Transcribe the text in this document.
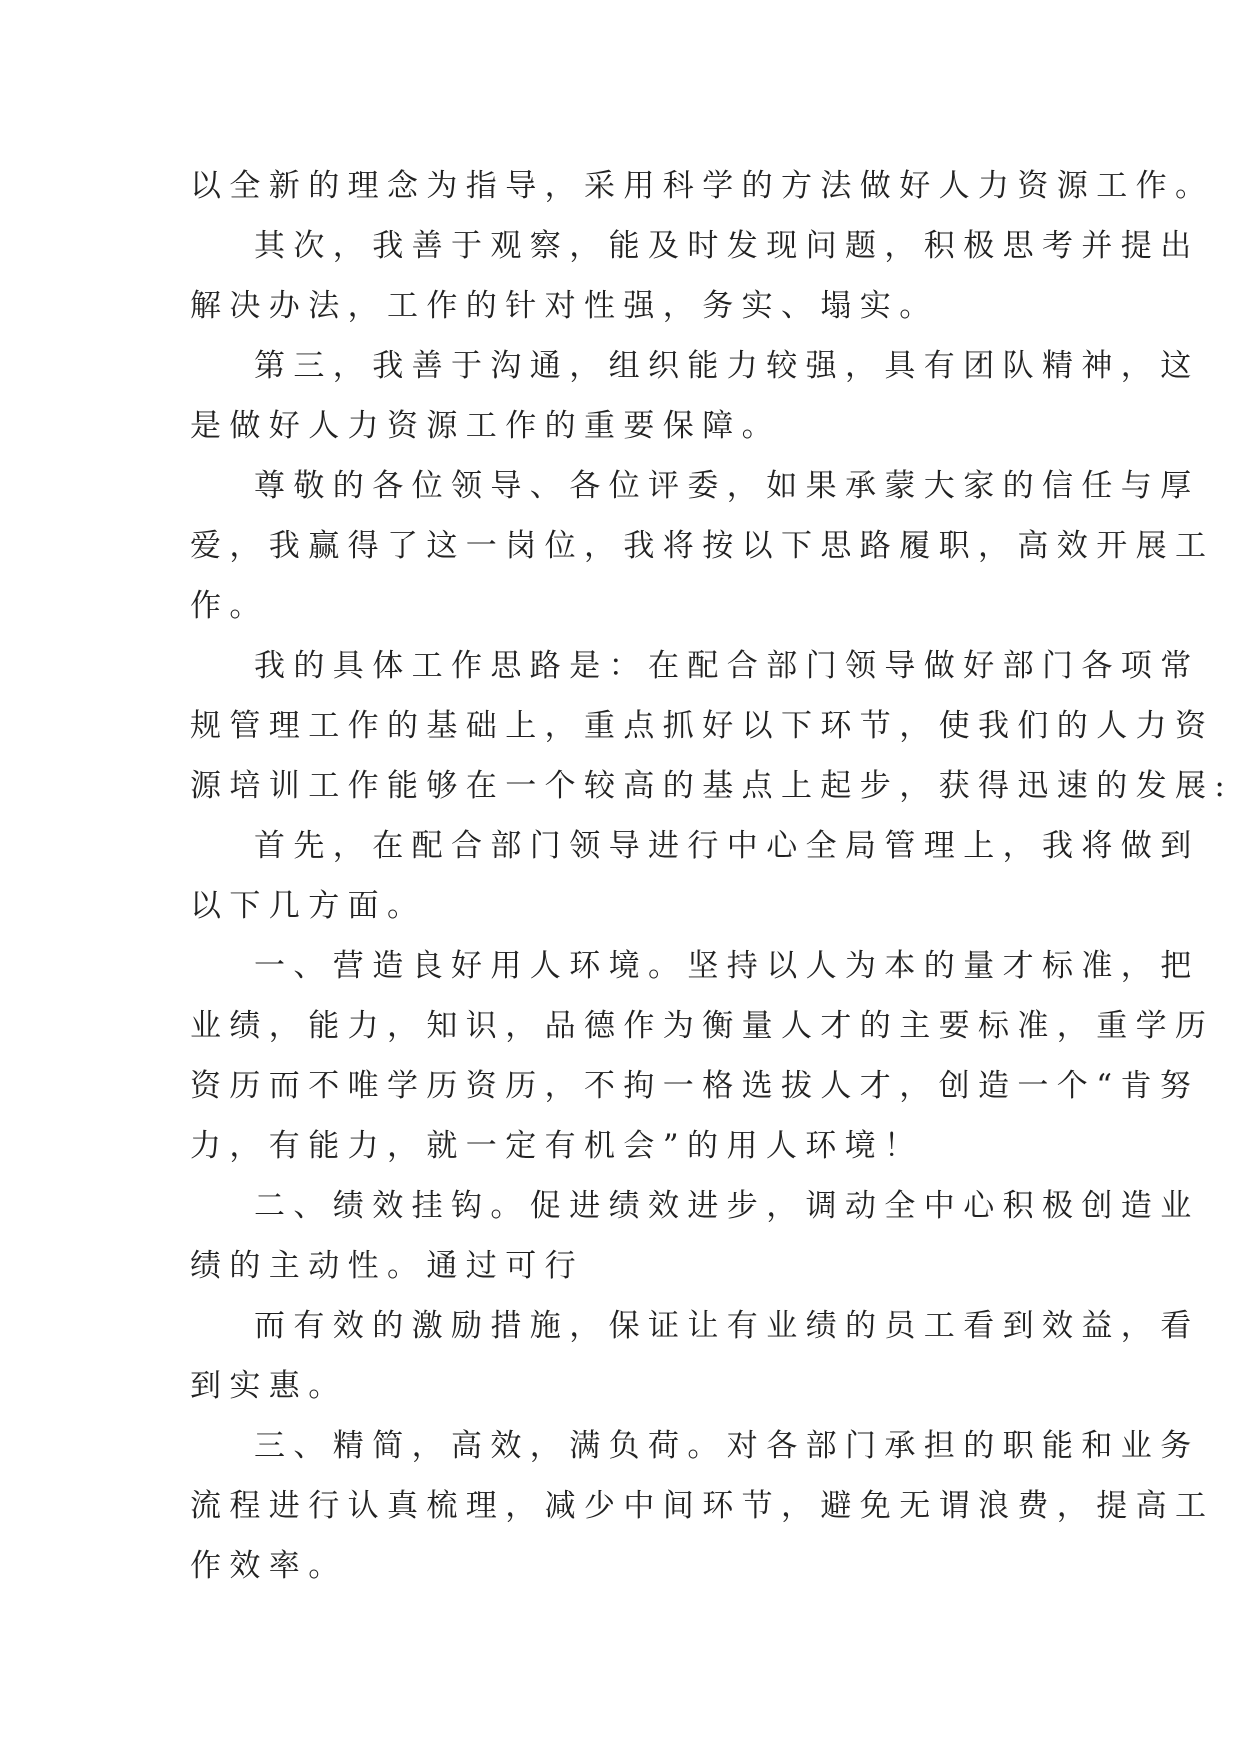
以全新的理念为指导，采用科学的方法做好人力资源工作。

其次，我善于观察，能及时发现问题，积极思考并提出

解决办法，工作的针对性强，务实、塌实。

第三，我善于沟通，组织能力较强，具有团队精神，这

是做好人力资源工作的重要保障。

尊敬的各位领导、各位评委，如果承蒙大家的信任与厚

爱，我赢得了这一岗位，我将按以下思路履职，高效开展工

作。

我的具体工作思路是：在配合部门领导做好部门各项常

规管理工作的基础上，重点抓好以下环节，使我们的人力资

源培训工作能够在一个较高的基点上起步，获得迅速的发展:

首先，在配合部门领导进行中心全局管理上，我将做到

以下几方面。

一、营造良好用人环境。坚持以人为本的量才标准，把

业绩，能力，知识，品德作为衡量人才的主要标准，重学历

资历而不唯学历资历，不拘一格选拔人才，创造一个“肯努

力，有能力，就一定有机会”的用人环境！

二、绩效挂钩。促进绩效进步，调动全中心积极创造业

绩的主动性。通过可行

而有效的激励措施，保证让有业绩的员工看到效益，看

到实惠。

三、精简，高效，满负荷。对各部门承担的职能和业务

流程进行认真梳理，减少中间环节，避免无谓浪费，提高工

作效率。
